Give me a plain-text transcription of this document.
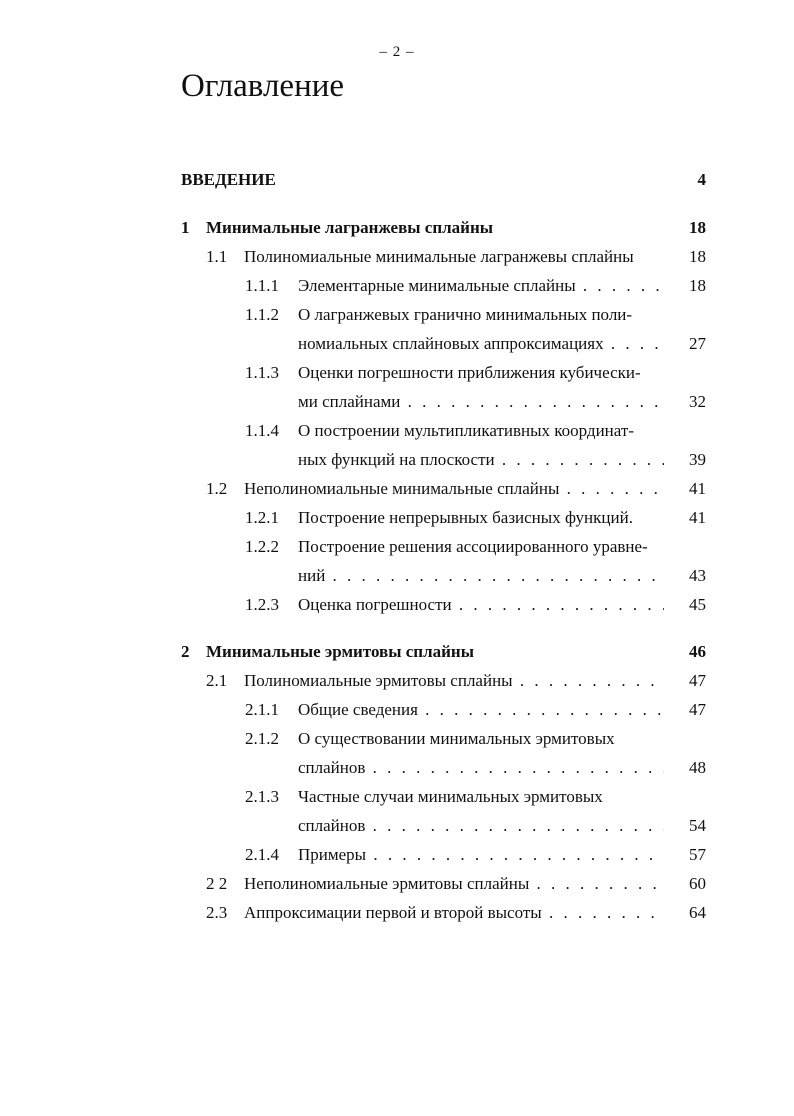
– 2 –
Оглавление
ВВЕДЕНИЕ	4
1 Минимальные лагранжевы сплайны	18
1.1 Полиномиальные минимальные лагранжевы сплайны	18
1.1.1 Элементарные минимальные сплайны . . .	18
1.1.2 О лагранжевых гранично минимальных поли-
номиальных сплайновых аппроксимациях . . .	27
1.1.3 Оценки погрешности приближения кубически-
ми сплайнами . . .	32
1.1.4 О построении мультипликативных координат-
ных функций на плоскости . . .	39
1.2 Неполиномиальные минимальные сплайны . . .	41
1.2.1 Построение непрерывных базисных функций.	41
1.2.2 Построение решения ассоциированного уравне-
ний . . .	43
1.2.3 Оценка погрешности . . .	45
2 Минимальные эрмитовы сплайны	46
2.1 Полиномиальные эрмитовы сплайны . . .	47
2.1.1 Общие сведения . . .	47
2.1.2 О существовании минимальных эрмитовых
сплайнов . . .	48
2.1.3 Частные случаи минимальных эрмитовых
сплайнов . . .	54
2.1.4 Примеры . . .	57
2 2 Неполиномиальные эрмитовы сплайны . . .	60
2.3 Аппроксимации первой и второй высоты . . .	64
